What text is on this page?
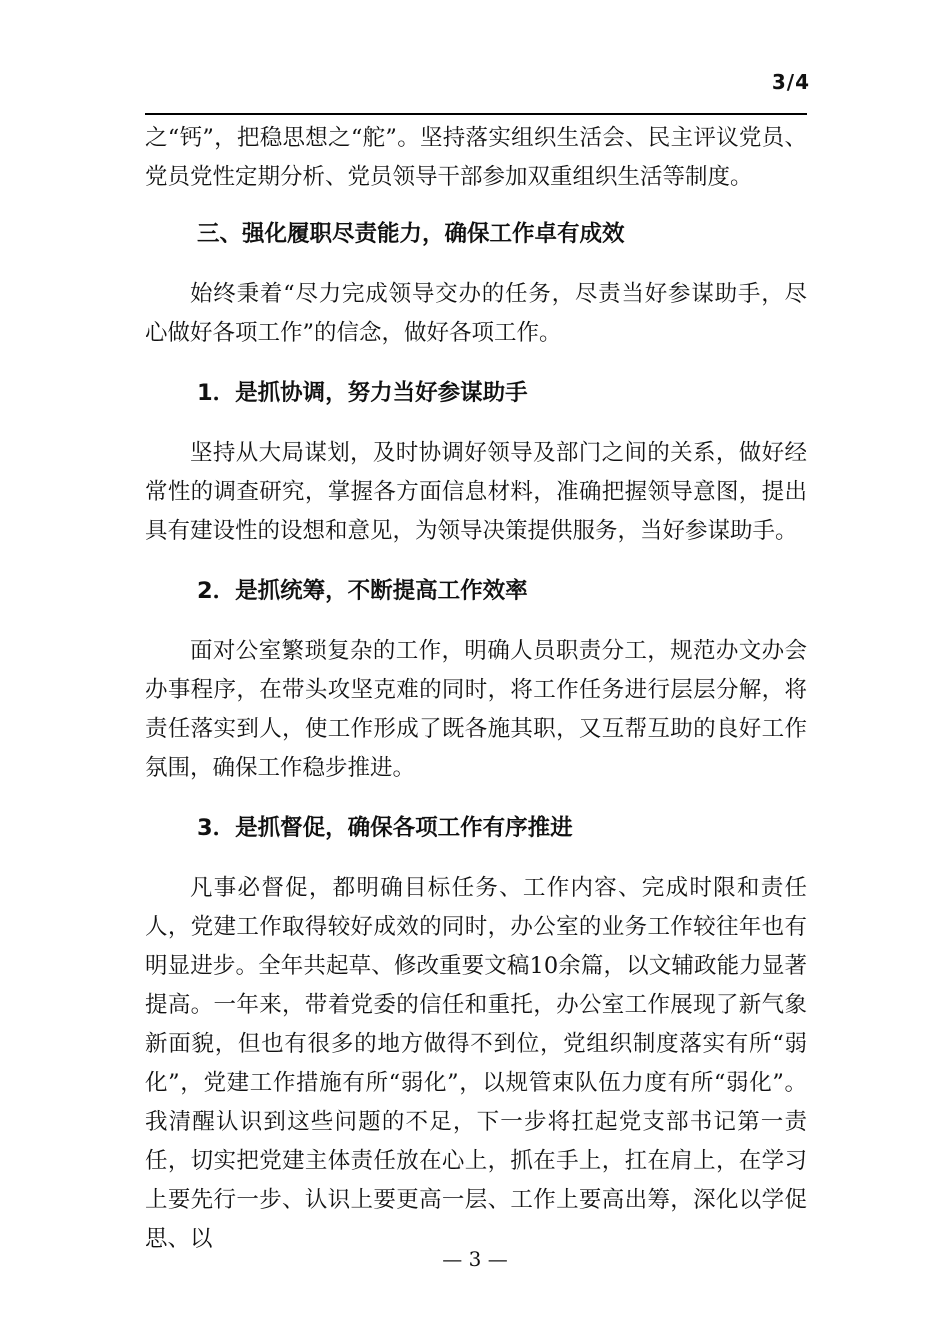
3/4

之“钙”，把稳思想之“舵”。坚持落实组织生活会、民主评议党员、党员党性定期分析、党员领导干部参加双重组织生活等制度。

三、强化履职尽责能力，确保工作卓有成效

始终秉着“尽力完成领导交办的任务，尽责当好参谋助手，尽心做好各项工作”的信念，做好各项工作。

1．是抓协调，努力当好参谋助手

坚持从大局谋划，及时协调好领导及部门之间的关系，做好经常性的调查研究，掌握各方面信息材料，准确把握领导意图，提出具有建设性的设想和意见，为领导决策提供服务，当好参谋助手。

2．是抓统筹，不断提高工作效率

面对公室繁琐复杂的工作，明确人员职责分工，规范办文办会办事程序，在带头攻坚克难的同时，将工作任务进行层层分解，将责任落实到人，使工作形成了既各施其职，又互帮互助的良好工作氛围，确保工作稳步推进。

3．是抓督促，确保各项工作有序推进

凡事必督促，都明确目标任务、工作内容、完成时限和责任人，党建工作取得较好成效的同时，办公室的业务工作较往年也有明显进步。全年共起草、修改重要文稿10余篇，以文辅政能力显著提高。一年来，带着党委的信任和重托，办公室工作展现了新气象新面貌，但也有很多的地方做得不到位，党组织制度落实有所“弱化”，党建工作措施有所“弱化”，以规管束队伍力度有所“弱化”。我清醒认识到这些问题的不足，下一步将扛起党支部书记第一责任，切实把党建主体责任放在心上，抓在手上，扛在肩上，在学习上要先行一步、认识上要更高一层、工作上要高出筹，深化以学促思、以

— 3 —
